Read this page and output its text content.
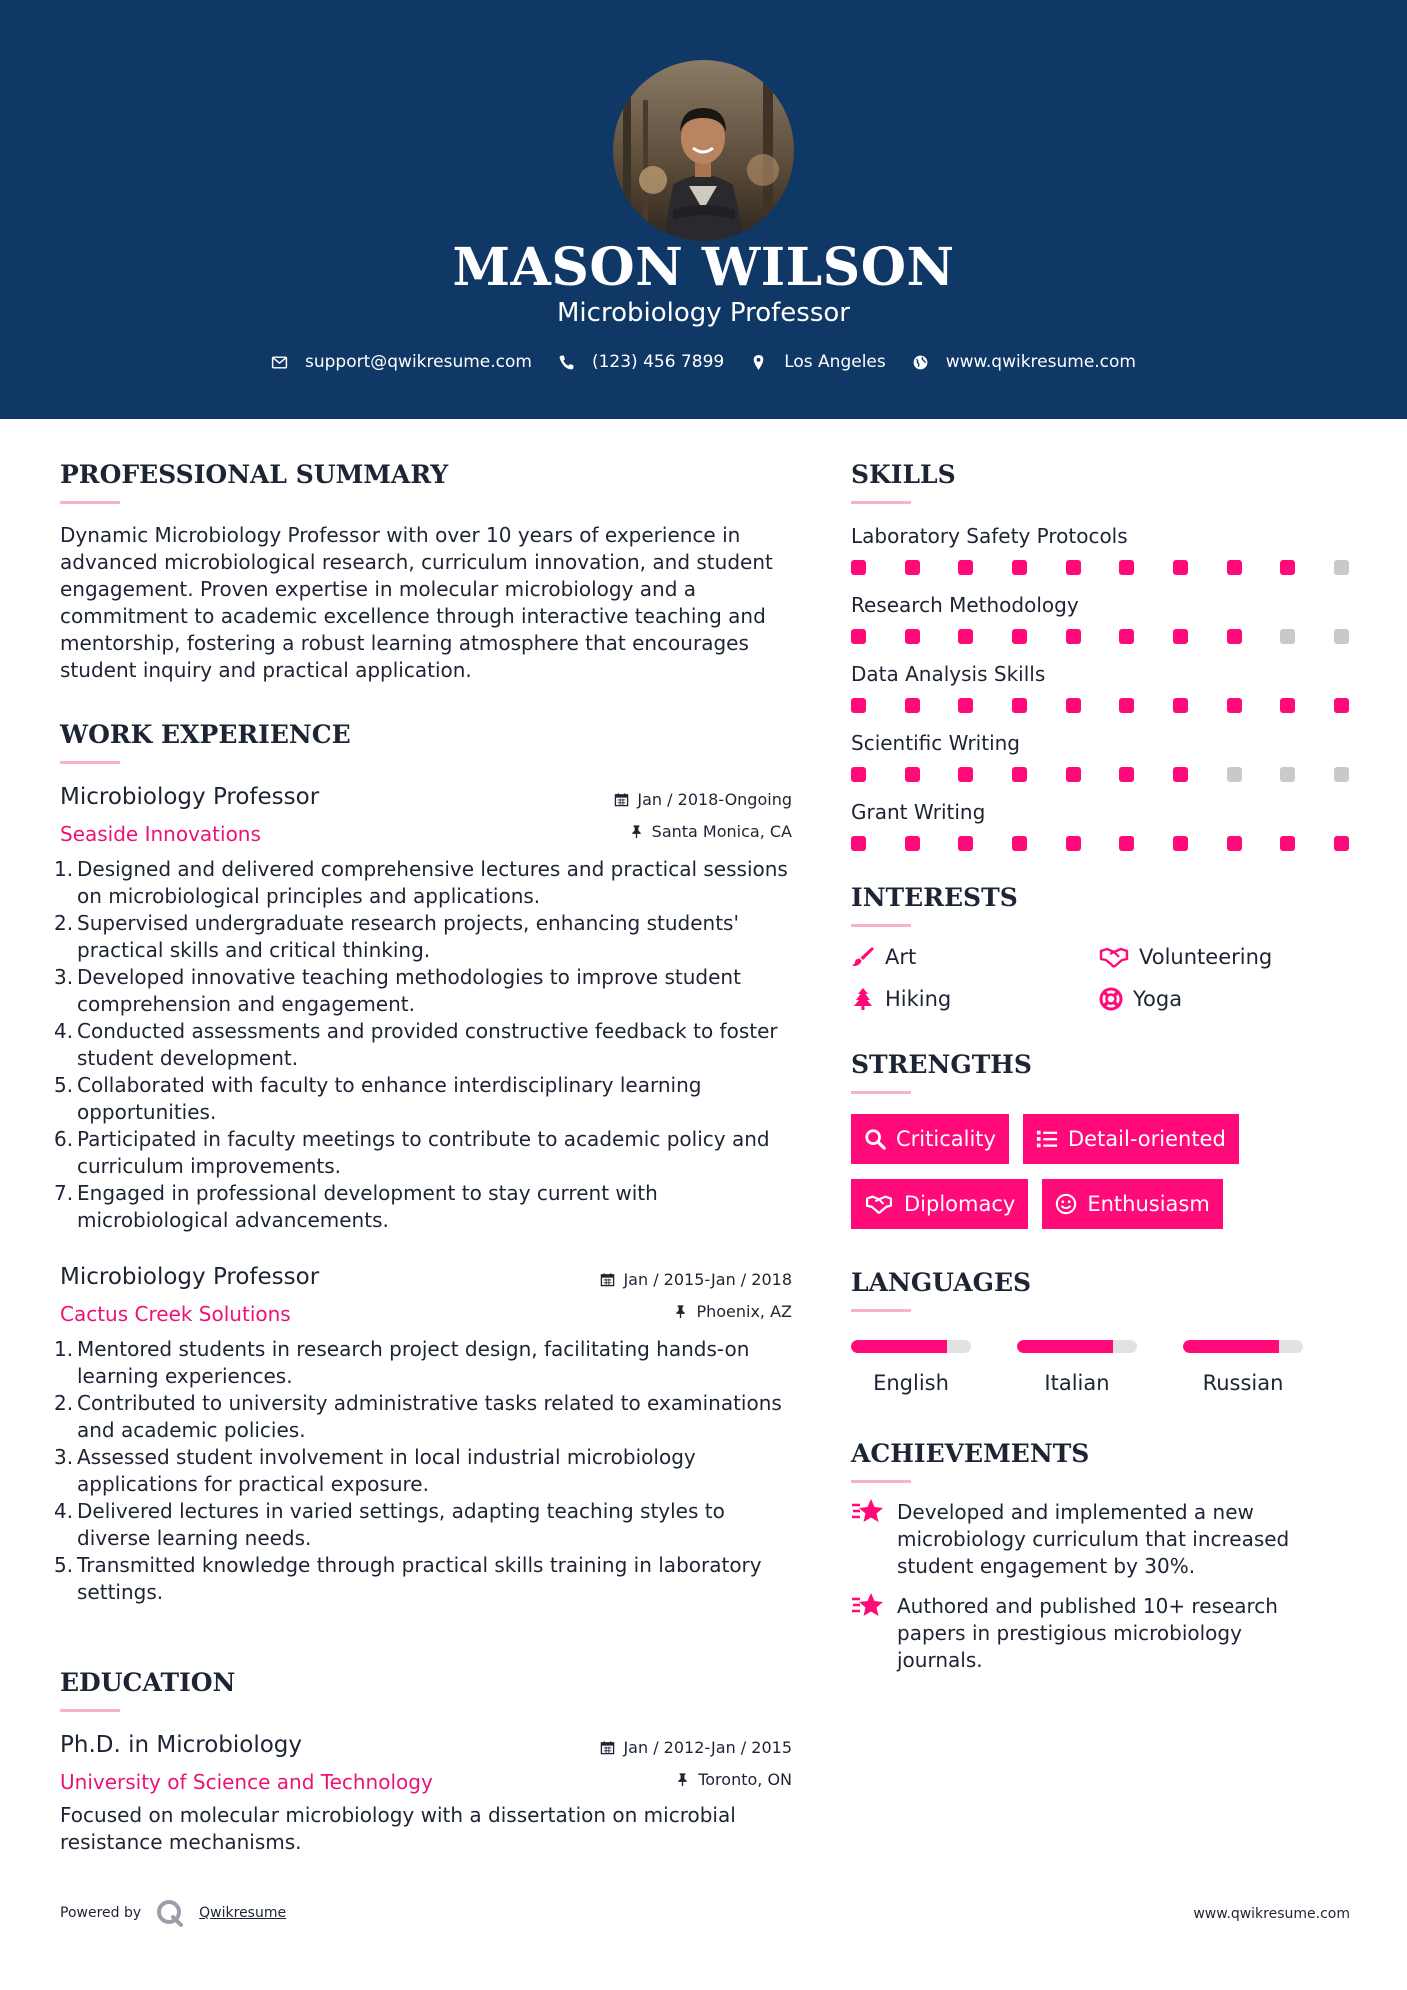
MASON WILSON
Microbiology Professor
support@qwikresume.com	(123) 456 7899	Los Angeles	www.qwikresume.com
PROFESSIONAL SUMMARY
Dynamic Microbiology Professor with over 10 years of experience in advanced microbiological research, curriculum innovation, and student engagement. Proven expertise in molecular microbiology and a commitment to academic excellence through interactive teaching and mentorship, fostering a robust learning atmosphere that encourages student inquiry and practical application.
WORK EXPERIENCE
Microbiology Professor
Seaside Innovations
Jan / 2018-Ongoing
Santa Monica, CA
1. Designed and delivered comprehensive lectures and practical sessions on microbiological principles and applications.
2. Supervised undergraduate research projects, enhancing students' practical skills and critical thinking.
3. Developed innovative teaching methodologies to improve student comprehension and engagement.
4. Conducted assessments and provided constructive feedback to foster student development.
5. Collaborated with faculty to enhance interdisciplinary learning opportunities.
6. Participated in faculty meetings to contribute to academic policy and curriculum improvements.
7. Engaged in professional development to stay current with microbiological advancements.
Microbiology Professor
Cactus Creek Solutions
Jan / 2015-Jan / 2018
Phoenix, AZ
1. Mentored students in research project design, facilitating hands-on learning experiences.
2. Contributed to university administrative tasks related to examinations and academic policies.
3. Assessed student involvement in local industrial microbiology applications for practical exposure.
4. Delivered lectures in varied settings, adapting teaching styles to diverse learning needs.
5. Transmitted knowledge through practical skills training in laboratory settings.
EDUCATION
Ph.D. in Microbiology
University of Science and Technology
Jan / 2012-Jan / 2015
Toronto, ON
Focused on molecular microbiology with a dissertation on microbial resistance mechanisms.
SKILLS
Laboratory Safety Protocols
Research Methodology
Data Analysis Skills
Scientific Writing
Grant Writing
INTERESTS
Art	Volunteering
Hiking	Yoga
STRENGTHS
Criticality	Detail-oriented
Diplomacy	Enthusiasm
LANGUAGES
English	Italian	Russian
ACHIEVEMENTS
Developed and implemented a new microbiology curriculum that increased student engagement by 30%.
Authored and published 10+ research papers in prestigious microbiology journals.
Powered by	Qwikresume	www.qwikresume.com
